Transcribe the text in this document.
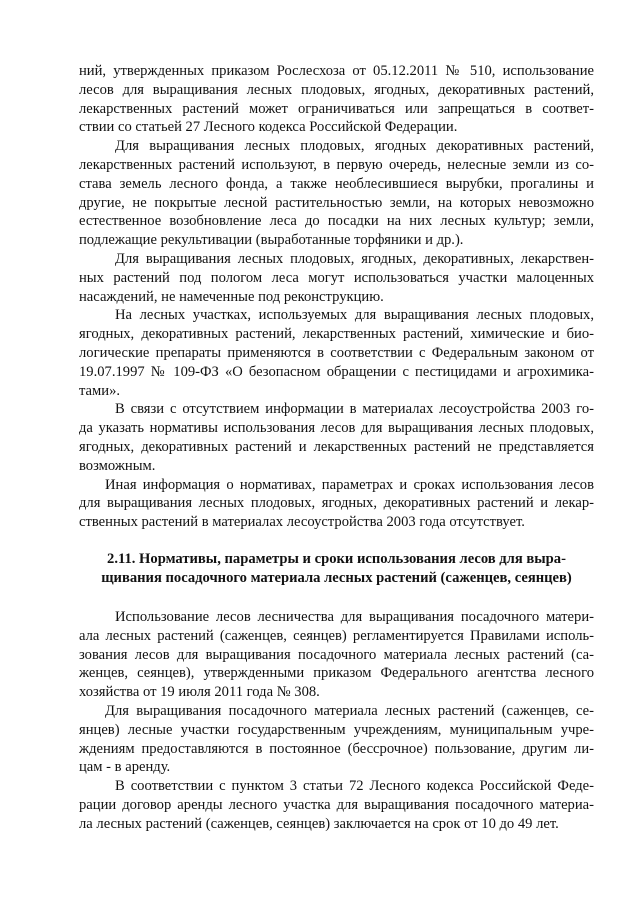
ний, утвержденных приказом Рослесхоза от 05.12.2011 № 510, использование
лесов для выращивания лесных плодовых, ягодных, декоративных растений,
лекарственных растений может ограничиваться или запрещаться в соответ-
ствии со статьей 27 Лесного кодекса Российской Федерации.

Для выращивания лесных плодовых, ягодных декоративных растений,
лекарственных растений используют, в первую очередь, нелесные земли из со-
става земель лесного фонда, а также необлесившиеся вырубки, прогалины и
другие, не покрытые лесной растительностью земли, на которых невозможно
естественное возобновление леса до посадки на них лесных культур; земли,
подлежащие рекультивации (выработанные торфяники и др.).

Для выращивания лесных плодовых, ягодных, декоративных, лекарствен-
ных растений под пологом леса могут использоваться участки малоценных
насаждений, не намеченные под реконструкцию.

На лесных участках, используемых для выращивания лесных плодовых,
ягодных, декоративных растений, лекарственных растений, химические и био-
логические препараты применяются в соответствии с Федеральным законом от
19.07.1997 № 109-ФЗ «О безопасном обращении с пестицидами и агрохимика-
тами».

В связи с отсутствием информации в материалах лесоустройства 2003 го-
да указать нормативы использования лесов для выращивания лесных плодовых,
ягодных, декоративных растений и лекарственных растений не представляется
возможным.

Иная информация о нормативах, параметрах и сроках использования лесов
для выращивания лесных плодовых, ягодных, декоративных растений и лекар-
ственных растений в материалах лесоустройства 2003 года отсутствует.

2.11. Нормативы, параметры и сроки использования лесов для выра-
щивания посадочного материала лесных растений (саженцев, сеянцев)

Использование лесов лесничества для выращивания посадочного матери-
ала лесных растений (саженцев, сеянцев) регламентируется Правилами исполь-
зования лесов для выращивания посадочного материала лесных растений (са-
женцев, сеянцев), утвержденными приказом Федерального агентства лесного
хозяйства от 19 июля 2011 года № 308.

Для выращивания посадочного материала лесных растений (саженцев, се-
янцев) лесные участки государственным учреждениям, муниципальным учре-
ждениям предоставляются в постоянное (бессрочное) пользование, другим ли-
цам - в аренду.

В соответствии с пунктом 3 статьи 72 Лесного кодекса Российской Феде-
рации договор аренды лесного участка для выращивания посадочного материа-
ла лесных растений (саженцев, сеянцев) заключается на срок от 10 до 49 лет.
